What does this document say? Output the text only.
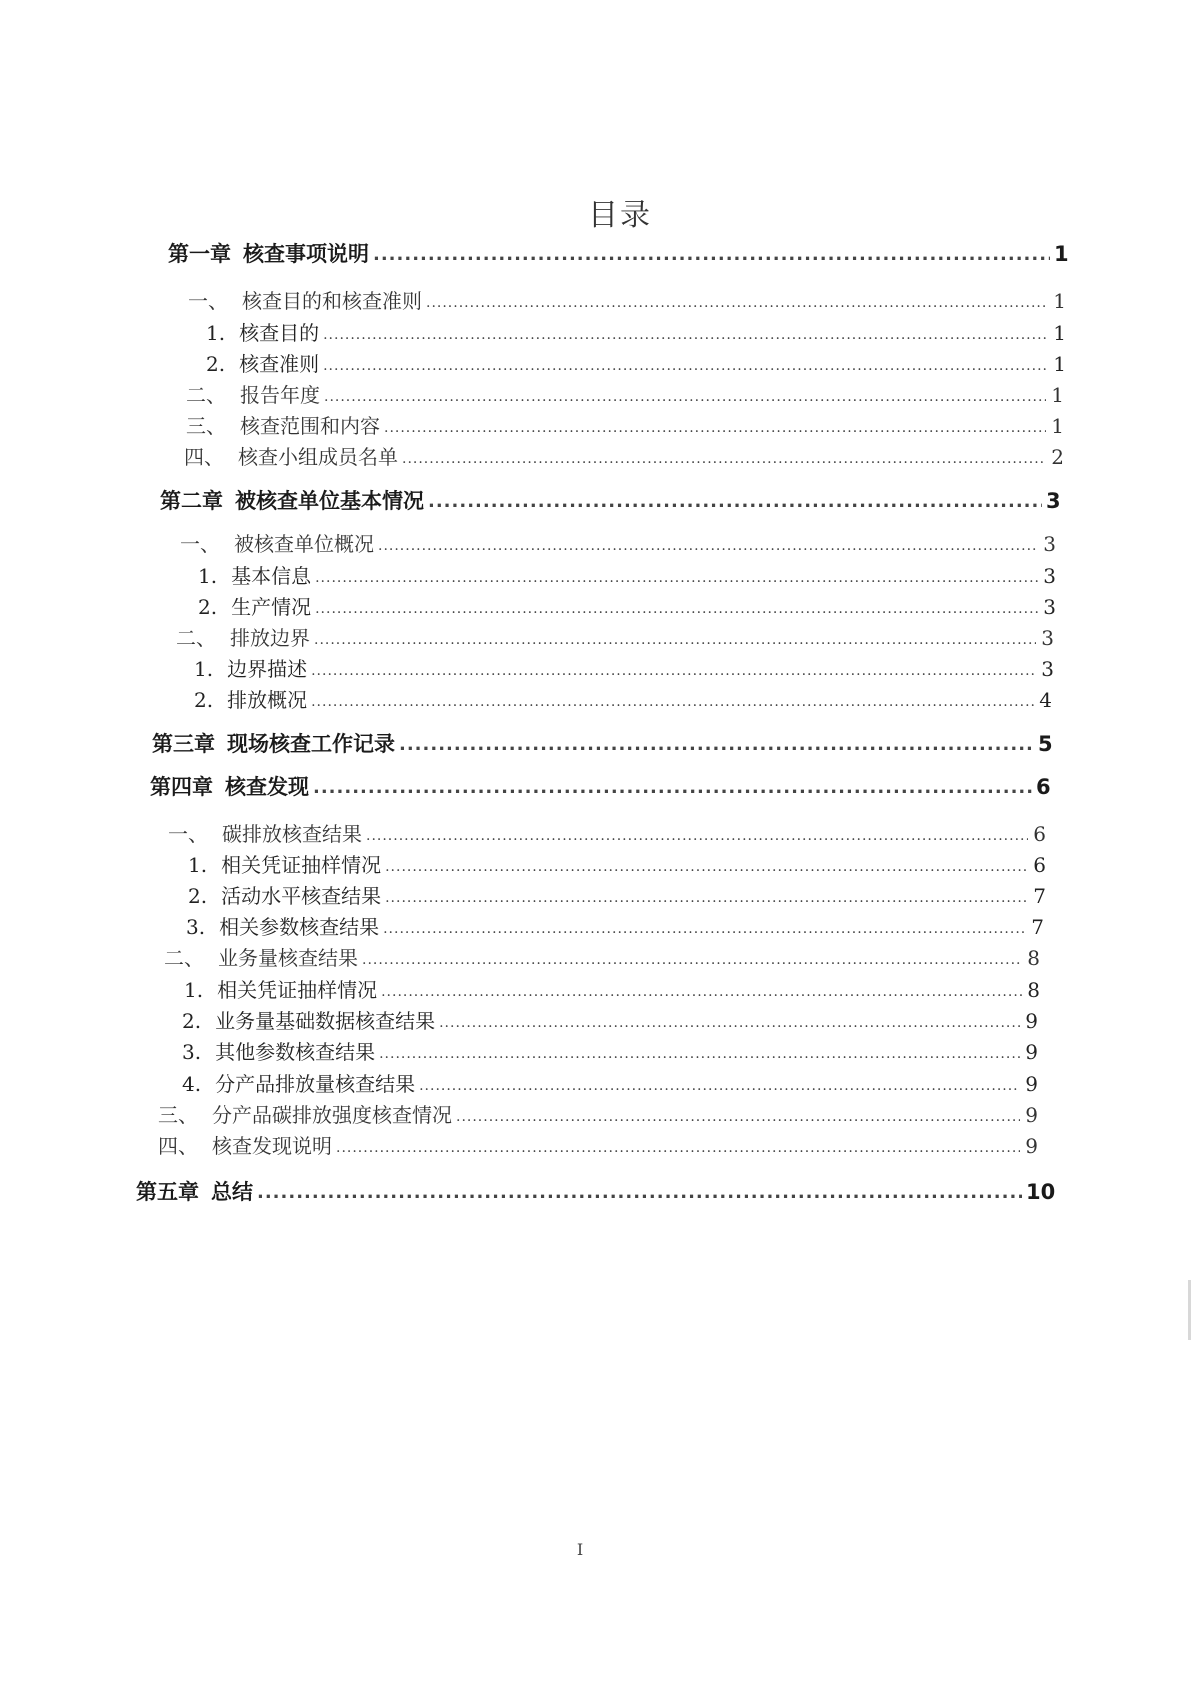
目录
第一章 核查事项说明 .....	1
一、 核查目的和核查准则 .....	1
1. 核查目的 .....	1
2. 核查准则 .....	1
二、 报告年度 .....	1
三、 核查范围和内容 .....	1
四、 核查小组成员名单 .....	2
第二章 被核查单位基本情况 .....	3
一、 被核查单位概况 .....	3
1. 基本信息 .....	3
2. 生产情况 .....	3
二、 排放边界 .....	3
1. 边界描述 .....	3
2. 排放概况 .....	4
第三章 现场核查工作记录 .....	5
第四章 核查发现 .....	6
一、 碳排放核查结果 .....	6
1. 相关凭证抽样情况 .....	6
2. 活动水平核查结果 .....	7
3. 相关参数核查结果 .....	7
二、 业务量核查结果 .....	8
1. 相关凭证抽样情况 .....	8
2. 业务量基础数据核查结果 .....	9
3. 其他参数核查结果 .....	9
4. 分产品排放量核查结果 .....	9
三、 分产品碳排放强度核查情况 .....	9
四、 核查发现说明 .....	9
第五章 总结 .....	10
I
